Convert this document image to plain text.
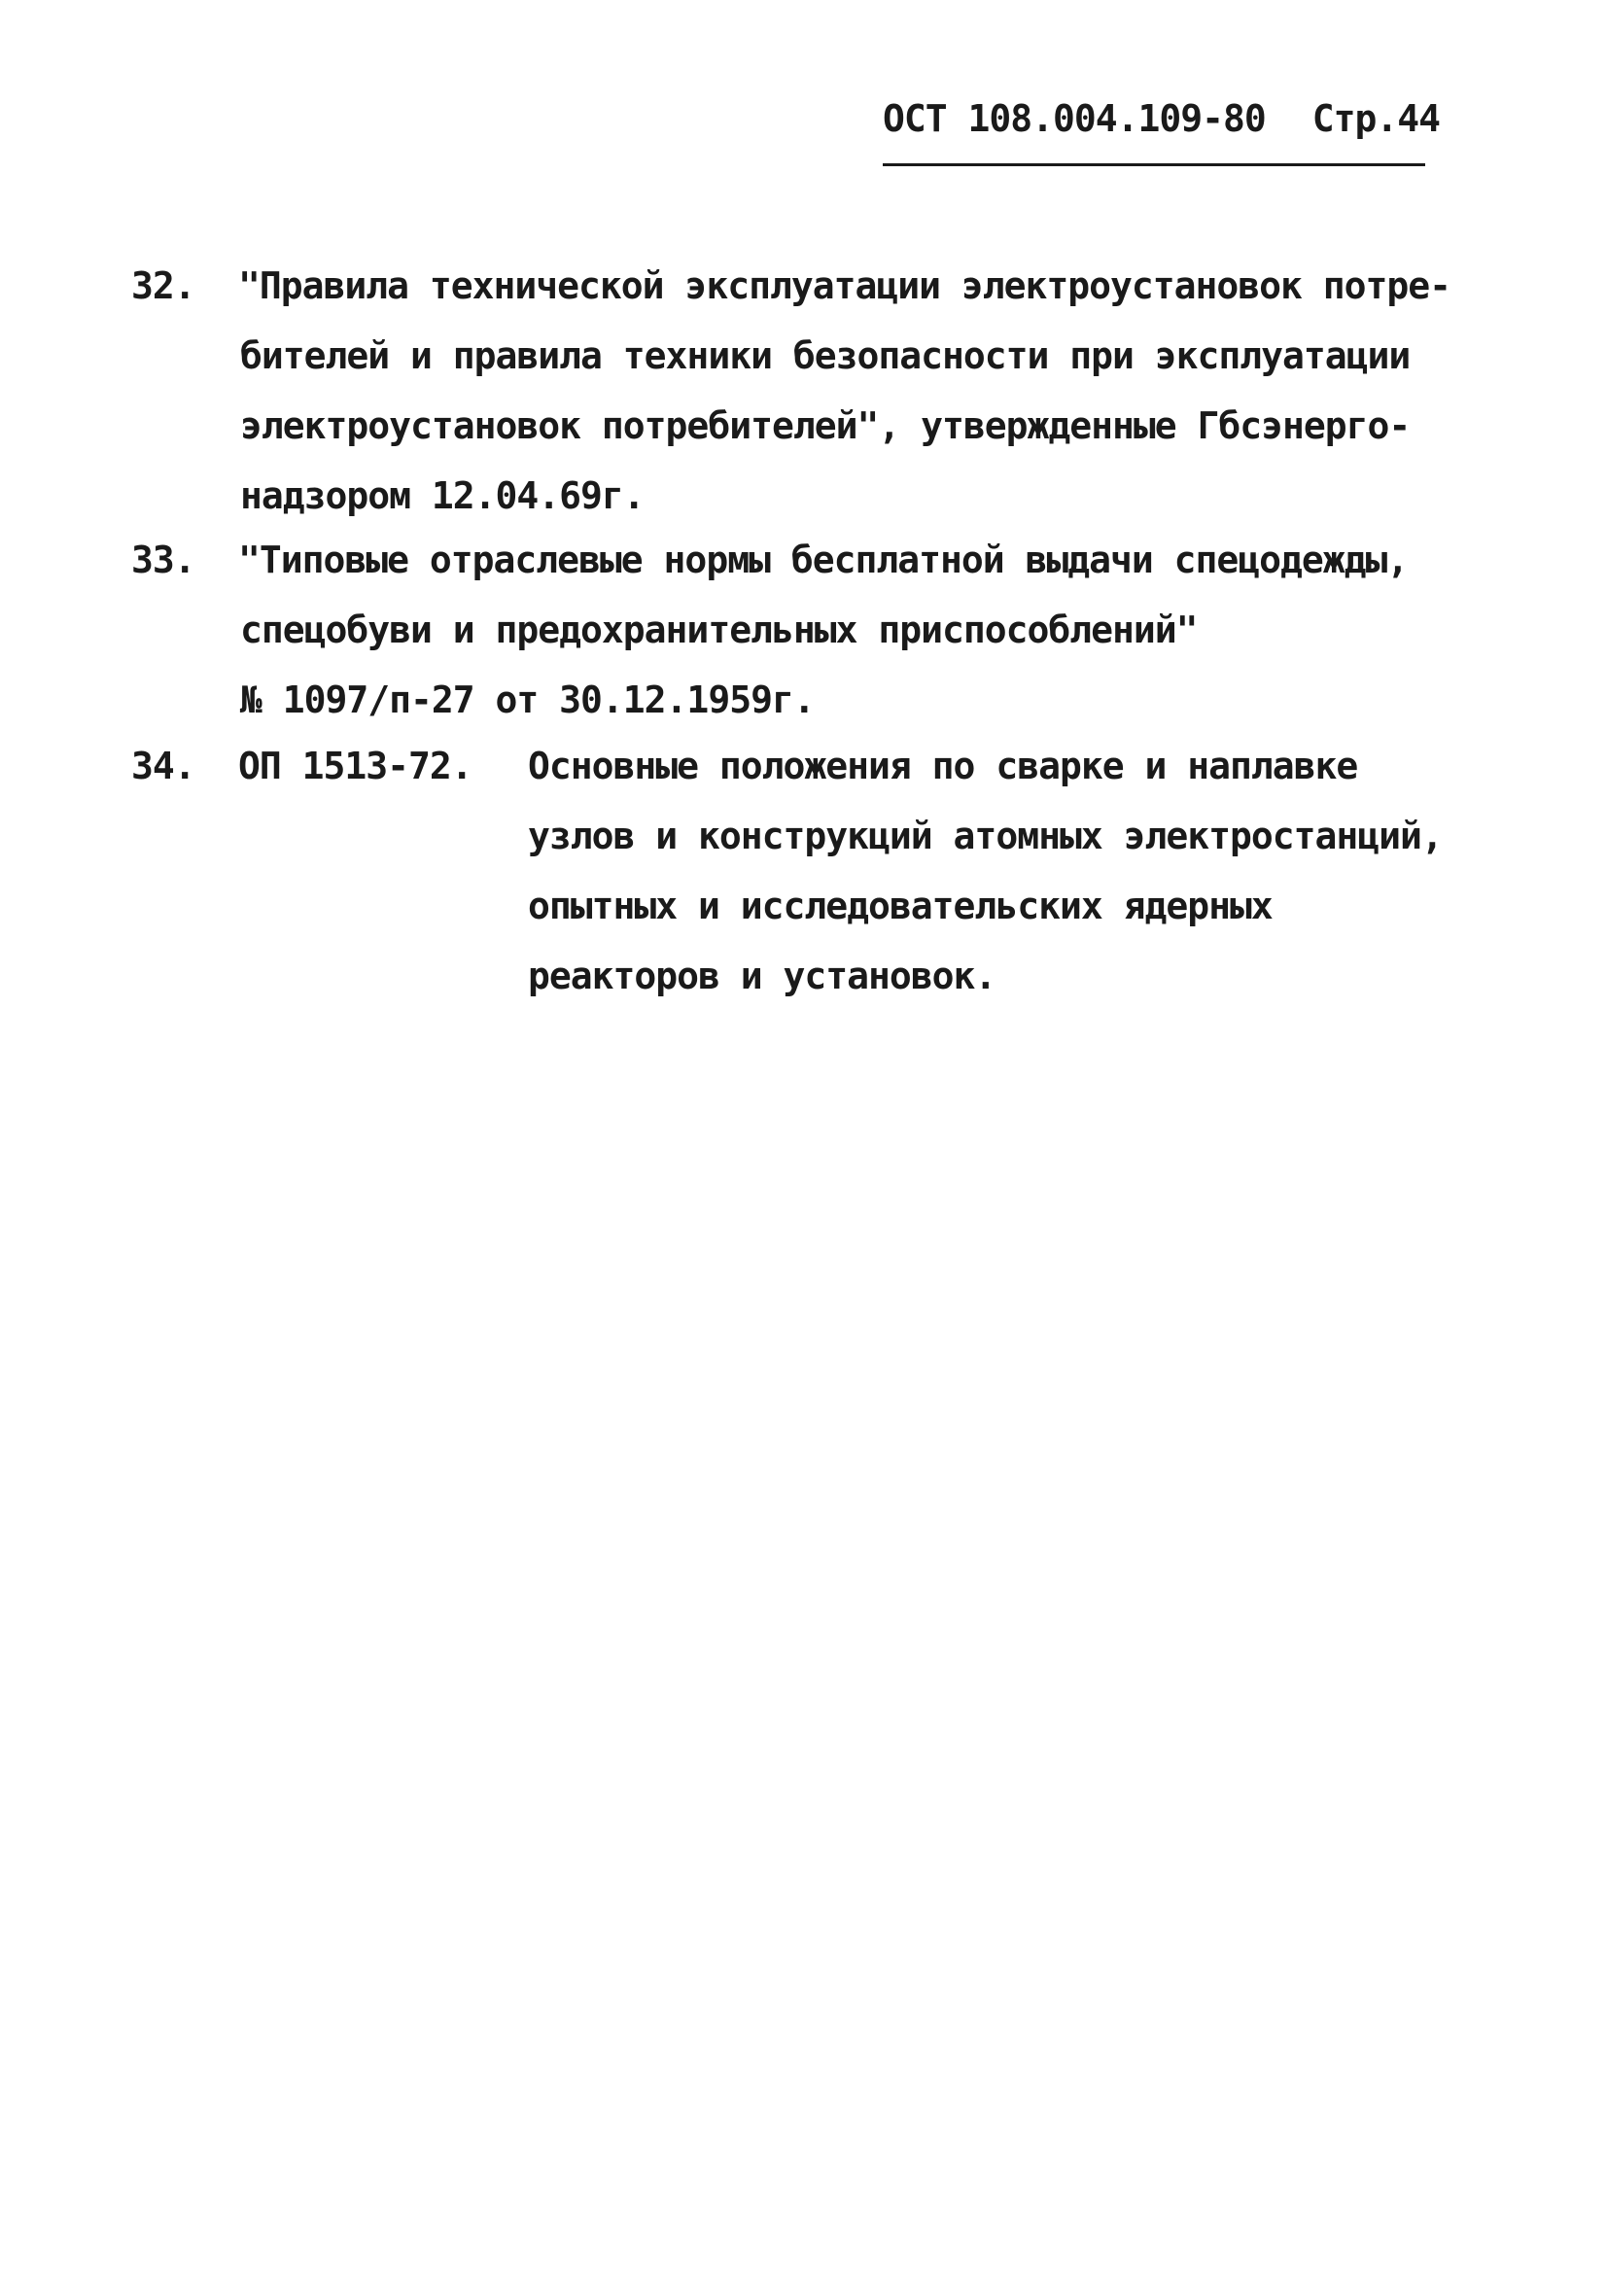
ОСТ 108.004.109-80 Стр.44
32. "Правила технической эксплуатации электроустановок потре-
бителей и правила техники безопасности при эксплуатации
электроустановок потребителей", утвержденные Гбсэнерго-
надзором 12.04.69г.
33. "Типовые отраслевые нормы бесплатной выдачи спецодежды,
спецобуви и предохранительных приспособлений"
№ 1097/п-27 от 30.12.1959г.
34. ОП 1513-72. Основные положения по сварке и наплавке
узлов и конструкций атомных электростанций,
опытных и исследовательских ядерных
реакторов и установок.
